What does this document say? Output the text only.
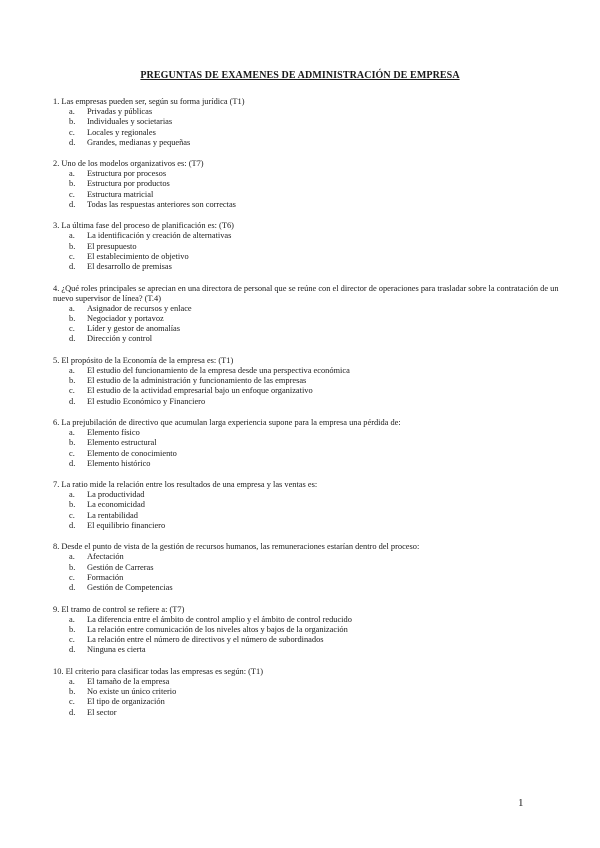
PREGUNTAS DE EXAMENES DE ADMINISTRACIÓN DE EMPRESA
1. Las empresas pueden ser, según su forma jurídica (T1)
a. Privadas y públicas
b. Individuales y societarias
c. Locales y regionales
d. Grandes, medianas y pequeñas
2. Uno de los modelos organizativos es: (T7)
a. Estructura por procesos
b. Estructura por productos
c. Estructura matricial
d. Todas las respuestas anteriores son correctas
3. La última fase del proceso de planificación es: (T6)
a. La identificación y creación de alternativas
b. El presupuesto
c. El establecimiento de objetivo
d. El desarrollo de premisas
4. ¿Qué roles principales se aprecian en una directora de personal que se reúne con el director de operaciones para trasladar sobre la contratación de un nuevo supervisor de línea? (T.4)
a. Asignador de recursos y enlace
b. Negociador y portavoz
c. Líder y gestor de anomalías
d. Dirección y control
5. El propósito de la Economía de la empresa es: (T1)
a. El estudio del funcionamiento de la empresa desde una perspectiva económica
b. El estudio de la administración y funcionamiento de las empresas
c. El estudio de la actividad empresarial bajo un enfoque organizativo
d. El estudio Económico y Financiero
6. La prejubilación de directivo que acumulan larga experiencia supone para la empresa una pérdida de:
a. Elemento físico
b. Elemento estructural
c. Elemento de conocimiento
d. Elemento histórico
7. La ratio mide la relación entre los resultados de una empresa y las ventas es:
a. La productividad
b. La economicidad
c. La rentabilidad
d. El equilibrio financiero
8. Desde el punto de vista de la gestión de recursos humanos, las remuneraciones estarían dentro del proceso:
a. Afectación
b. Gestión de Carreras
c. Formación
d. Gestión de Competencias
9. El tramo de control se refiere a: (T7)
a. La diferencia entre el ámbito de control amplio y el ámbito de control reducido
b. La relación entre comunicación de los niveles altos y bajos de la organización
c. La relación entre el número de directivos y el número de subordinados
d. Ninguna es cierta
10. El criterio para clasificar todas las empresas es según: (T1)
a. El tamaño de la empresa
b. No existe un único criterio
c. El tipo de organización
d. El sector
1
